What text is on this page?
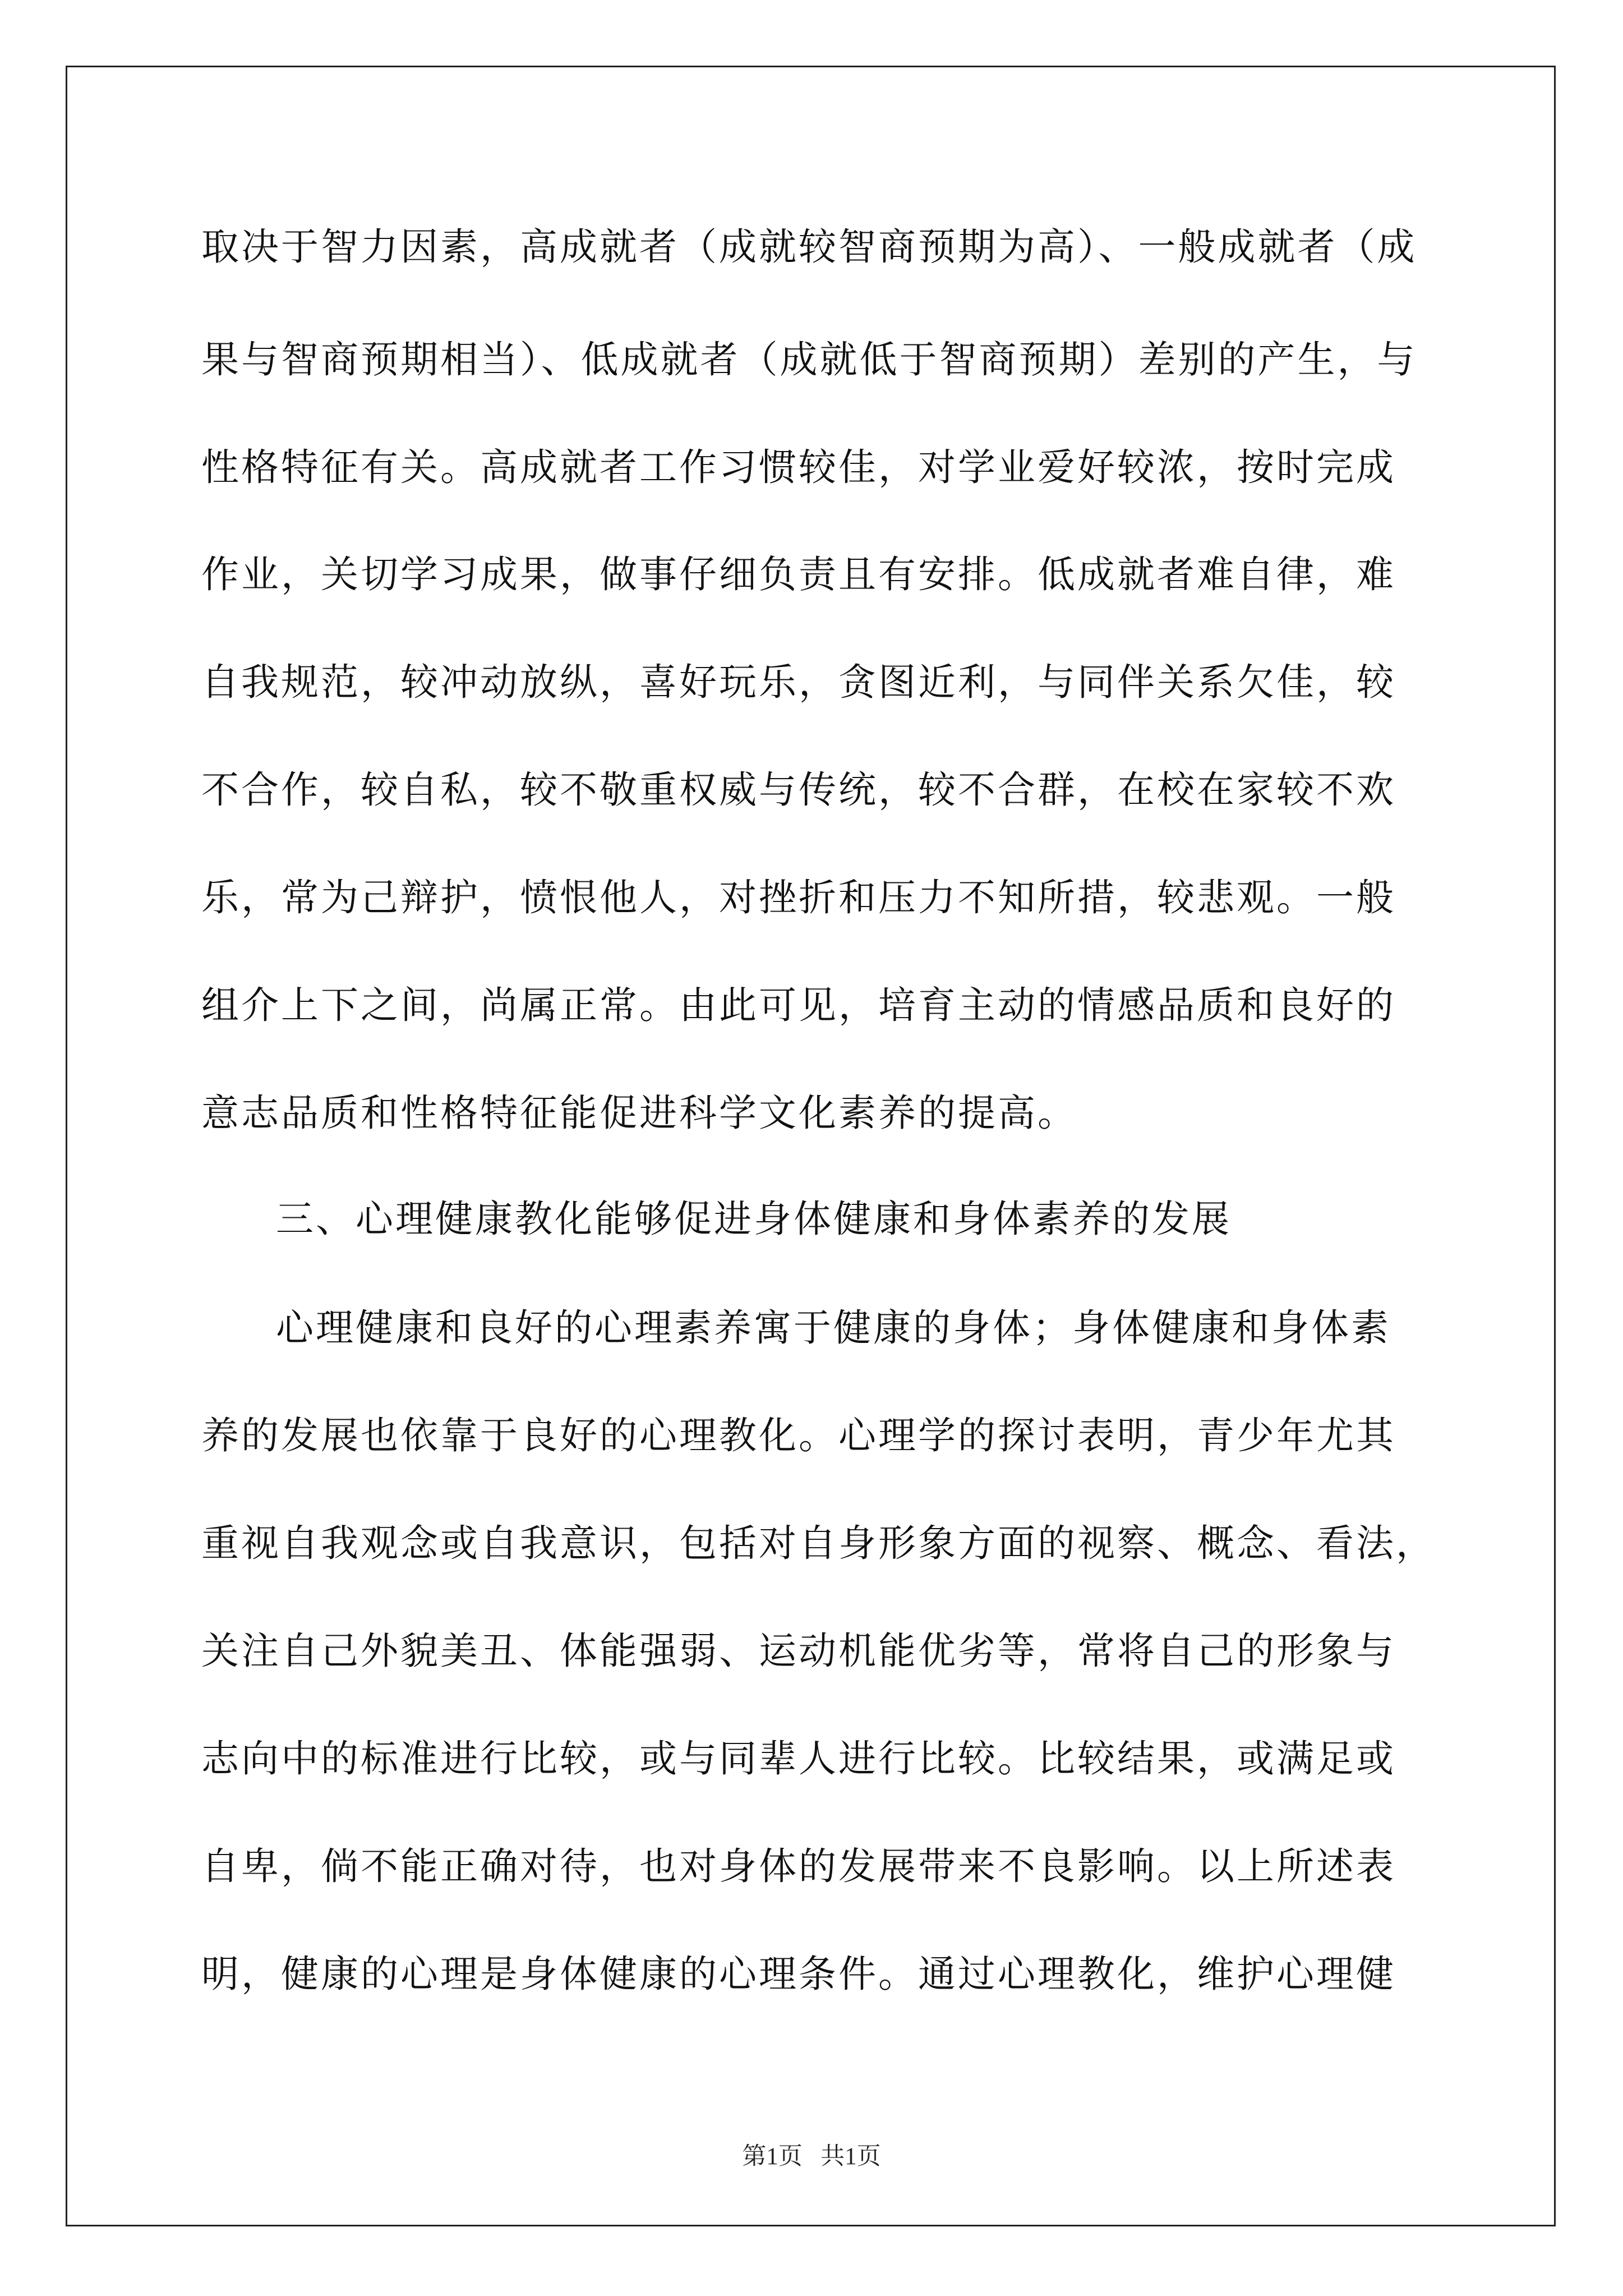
取决于智力因素，高成就者（成就较智商预期为高）、一般成就者（成
果与智商预期相当）、低成就者（成就低于智商预期）差别的产生，与
性格特征有关。高成就者工作习惯较佳，对学业爱好较浓，按时完成
作业，关切学习成果，做事仔细负责且有安排。低成就者难自律，难
自我规范，较冲动放纵，喜好玩乐，贪图近利，与同伴关系欠佳，较
不合作，较自私，较不敬重权威与传统，较不合群，在校在家较不欢
乐，常为己辩护，愤恨他人，对挫折和压力不知所措，较悲观。一般
组介上下之间，尚属正常。由此可见，培育主动的情感品质和良好的
意志品质和性格特征能促进科学文化素养的提高。
三、心理健康教化能够促进身体健康和身体素养的发展
心理健康和良好的心理素养寓于健康的身体；身体健康和身体素
养的发展也依靠于良好的心理教化。心理学的探讨表明，青少年尤其
重视自我观念或自我意识，包括对自身形象方面的视察、概念、看法，
关注自己外貌美丑、体能强弱、运动机能优劣等，常将自己的形象与
志向中的标准进行比较，或与同辈人进行比较。比较结果，或满足或
自卑，倘不能正确对待，也对身体的发展带来不良影响。以上所述表
明，健康的心理是身体健康的心理条件。通过心理教化，维护心理健
第1页   共1页
